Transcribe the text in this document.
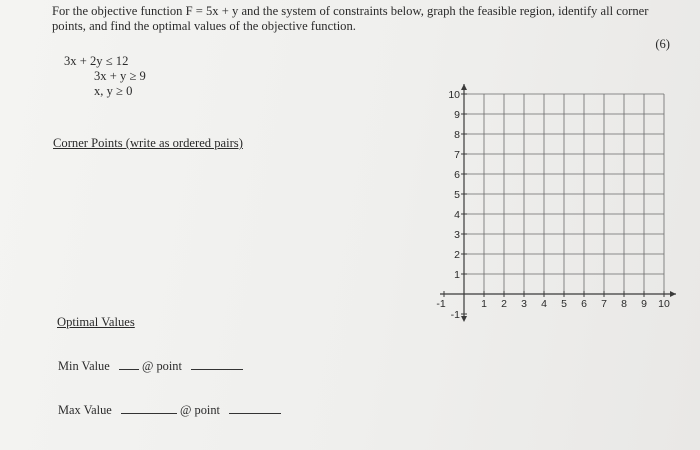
For the objective function F = 5x + y and the system of constraints below, graph the feasible region, identify all corner points, and find the optimal values of the objective function.
(6)
3x + 2y ≤ 12
3x + y ≥ 9
x, y ≥ 0
Corner Points (write as ordered pairs)
Optimal Values
Min Value	@ point
Max Value	@ point
-1	1 2 3 4 5 6 7 8 9 10
10
9
8
7
6
5
4
3
2
1
-1
